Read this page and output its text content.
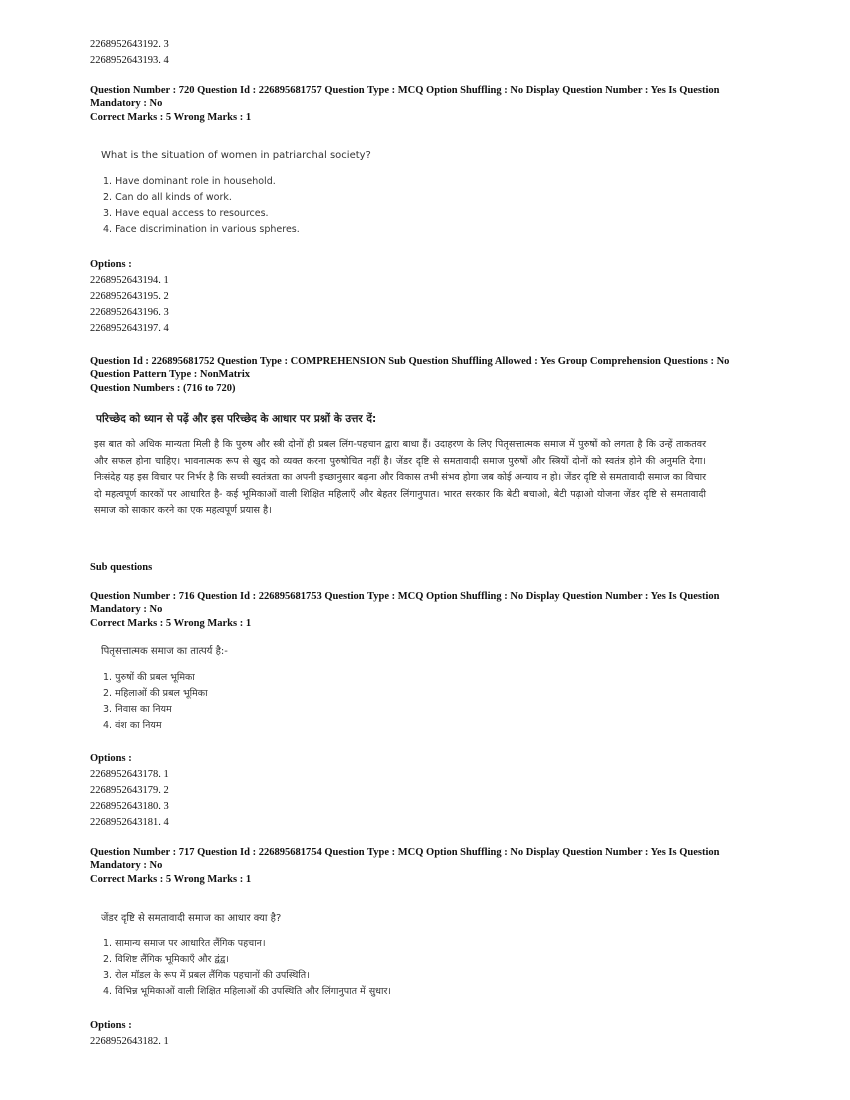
2268952643192. 3
2268952643193. 4
Question Number : 720 Question Id : 226895681757 Question Type : MCQ Option Shuffling : No Display Question Number : Yes Is Question Mandatory : No
Correct Marks : 5 Wrong Marks : 1
What is the situation of women in patriarchal society?
1. Have dominant role in household.
2. Can do all kinds of work.
3. Have equal access to resources.
4. Face discrimination in various spheres.
Options :
2268952643194. 1
2268952643195. 2
2268952643196. 3
2268952643197. 4
Question Id : 226895681752 Question Type : COMPREHENSION Sub Question Shuffling Allowed : Yes Group Comprehension Questions : No Question Pattern Type : NonMatrix
Question Numbers : (716 to 720)
परिच्छेद को ध्यान से पढ़ें और इस परिच्छेद के आधार पर प्रश्नों के उत्तर दें:
इस बात को अधिक मान्यता मिली है कि पुरुष और स्त्री दोनों ही प्रबल लिंग-पहचान द्वारा बाधा हैं। उदाहरण के लिए पितृसत्तात्मक समाज में पुरुषों को लगता है कि उन्हें ताकतवर और सफल होना चाहिए। भावनात्मक रूप से खुद को व्यक्त करना पुरुषोचित नहीं है। जेंडर दृष्टि से समतावादी समाज पुरुषों और स्त्रियों दोनों को स्वतंत्र होने की अनुमति देगा। निःसंदेह यह इस विचार पर निर्भर है कि सच्ची स्वतंत्रता का अपनी इच्छानुसार बढ़ना और विकास तभी संभव होगा जब कोई अन्याय न हो। जेंडर दृष्टि से समतावादी समाज का विचार दो महत्वपूर्ण कारकों पर आधारित है- कई भूमिकाओं वाली शिक्षित महिलाएँ और बेहतर लिंगानुपात। भारत सरकार कि बेटी बचाओ, बेटी पढ़ाओ योजना जेंडर दृष्टि से समतावादी समाज को साकार करने का एक महत्वपूर्ण प्रयास है।
Sub questions
Question Number : 716 Question Id : 226895681753 Question Type : MCQ Option Shuffling : No Display Question Number : Yes Is Question Mandatory : No
Correct Marks : 5 Wrong Marks : 1
पितृसत्तात्मक समाज का तात्पर्य है:-
1. पुरुषों की प्रबल भूमिका
2. महिलाओं की प्रबल भूमिका
3. निवास का नियम
4. वंश का नियम
Options :
2268952643178. 1
2268952643179. 2
2268952643180. 3
2268952643181. 4
Question Number : 717 Question Id : 226895681754 Question Type : MCQ Option Shuffling : No Display Question Number : Yes Is Question Mandatory : No
Correct Marks : 5 Wrong Marks : 1
जेंडर दृष्टि से समतावादी समाज का आधार क्या है?
1. सामान्य समाज पर आधारित लैंगिक पहचान।
2. विशिष्ट लैंगिक भूमिकाएँ और द्वंद्व।
3. रोल मॉडल के रूप में प्रबल लैंगिक पहचानों की उपस्थिति।
4. विभिन्न भूमिकाओं वाली शिक्षित महिलाओं की उपस्थिति और लिंगानुपात में सुधार।
Options :
2268952643182. 1
